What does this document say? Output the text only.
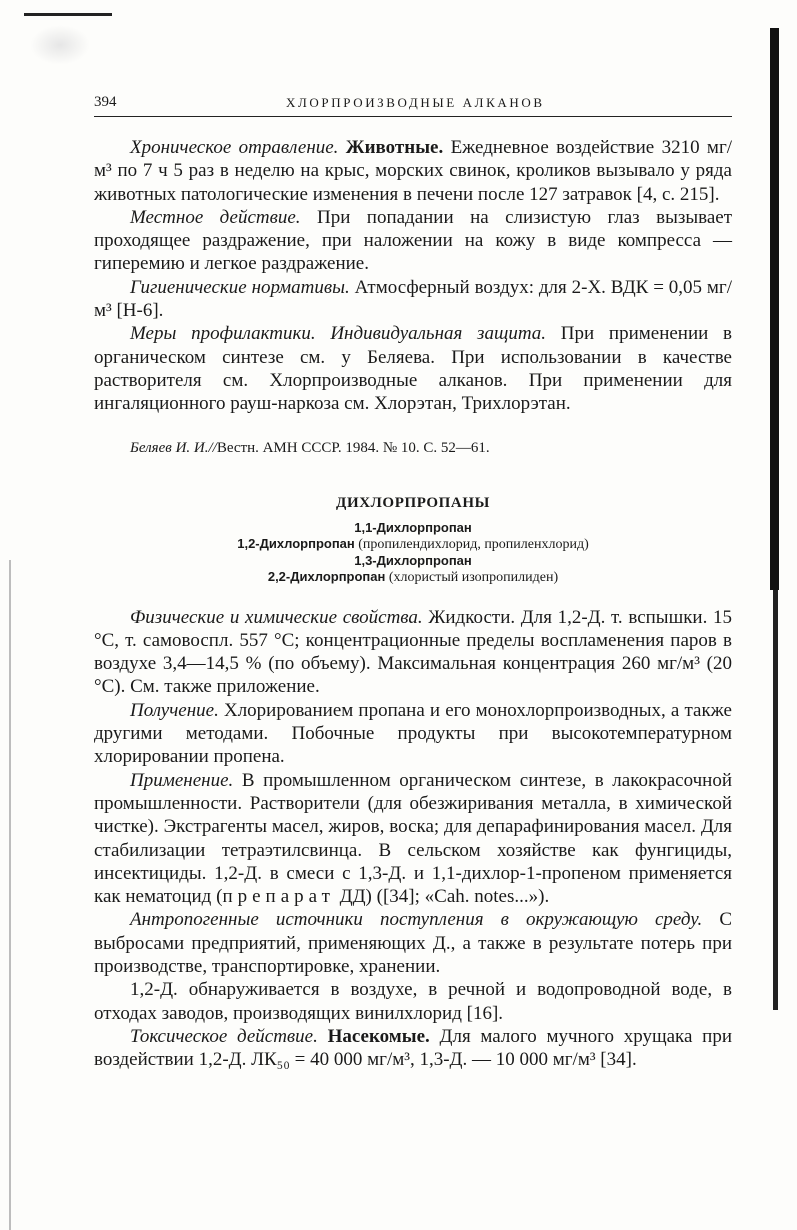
394	ХЛОРПРОИЗВОДНЫЕ АЛКАНОВ

Хроническое отравление. Животные. Ежедневное воздействие 3210 мг/м³ по 7 ч 5 раз в неделю на крыс, морских свинок, кроликов вызывало у ряда животных патологические изменения в печени после 127 затравок [4, с. 215].

Местное действие. При попадании на слизистую глаз вызывает проходящее раздражение, при наложении на кожу в виде компресса — гиперемию и легкое раздражение.

Гигиенические нормативы. Атмосферный воздух: для 2-Х. ВДК = 0,05 мг/м³ [Н-6].

Меры профилактики. Индивидуальная защита. При применении в органическом синтезе см. у Беляева. При использовании в качестве растворителя см. Хлорпроизводные алканов. При применении для ингаляционного рауш-наркоза см. Хлорэтан, Трихлорэтан.

Беляев И. И.//Вестн. АМН СССР. 1984. № 10. С. 52—61.

ДИХЛОРПРОПАНЫ
1,1-Дихлорпропан
1,2-Дихлорпропан (пропилендихлорид, пропиленхлорид)
1,3-Дихлорпропан
2,2-Дихлорпропан (хлористый изопропилиден)

Физические и химические свойства. Жидкости. Для 1,2-Д. т. вспышки. 15 °С, т. самовоспл. 557 °С; концентрационные пределы воспламенения паров в воздухе 3,4—14,5 % (по объему). Максимальная концентрация 260 мг/м³ (20 °С). См. также приложение.

Получение. Хлорированием пропана и его монохлорпроизводных, а также другими методами. Побочные продукты при высокотемпературном хлорировании пропена.

Применение. В промышленном органическом синтезе, в лакокрасочной промышленности. Растворители (для обезжиривания металла, в химической чистке). Экстрагенты масел, жиров, воска; для депарафинирования масел. Для стабилизации тетраэтилсвинца. В сельском хозяйстве как фунгициды, инсектициды. 1,2-Д. в смеси с 1,3-Д. и 1,1-дихлор-1-пропеном применяется как нематоцид (препарат ДД) ([34]; «Cah. notes...»).

Антропогенные источники поступления в окружающую среду. С выбросами предприятий, применяющих Д., а также в результате потерь при производстве, транспортировке, хранении.

1,2-Д. обнаруживается в воздухе, в речной и водопроводной воде, в отходах заводов, производящих винилхлорид [16].

Токсическое действие. Насекомые. Для малого мучного хрущака при воздействии 1,2-Д. ЛК₅₀ = 40 000 мг/м³, 1,3-Д. — 10 000 мг/м³ [34].
